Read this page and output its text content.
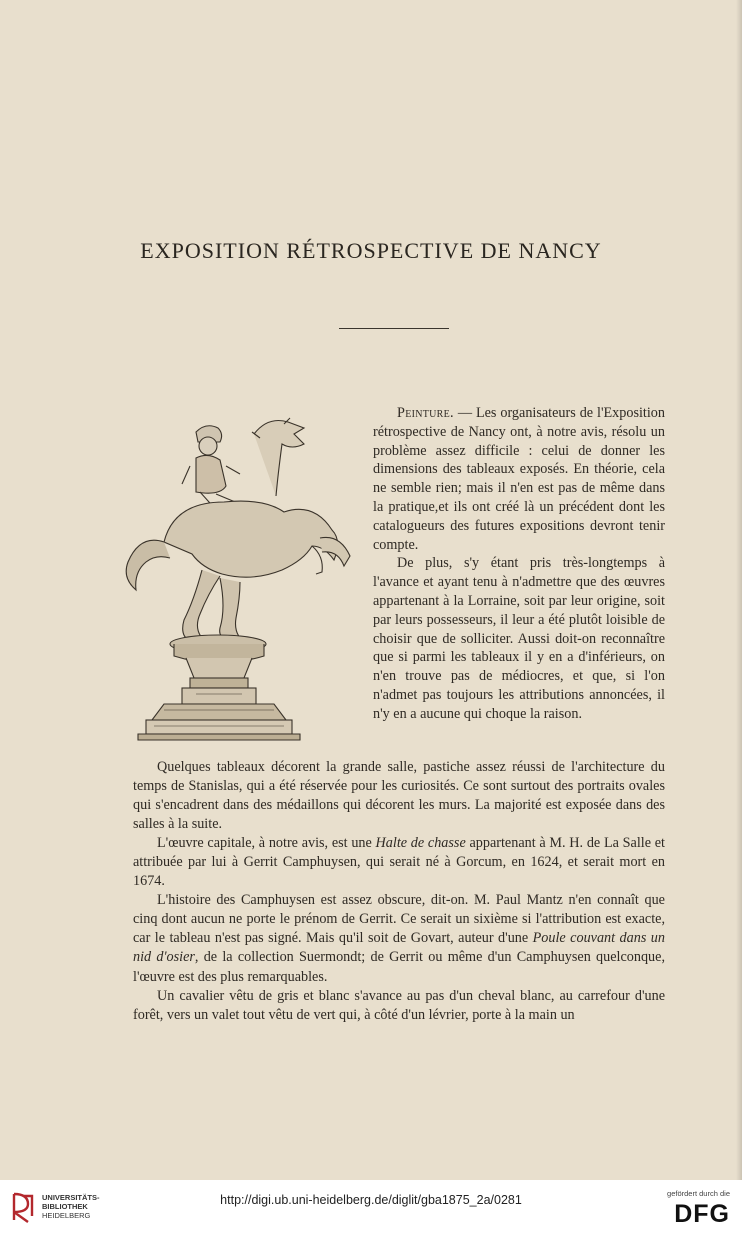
EXPOSITION RÉTROSPECTIVE DE NANCY

Peinture. — Les organisateurs de l'Exposition rétrospective de Nancy ont, à notre avis, résolu un problème assez difficile : celui de donner les dimensions des tableaux exposés. En théorie, cela ne semble rien; mais il n'en est pas de même dans la pratique,et ils ont créé là un précédent dont les catalogueurs des futures expositions devront tenir compte.

De plus, s'y étant pris très-longtemps à l'avance et ayant tenu à n'admettre que des œuvres appartenant à la Lorraine, soit par leur origine, soit par leurs possesseurs, il leur a été plutôt loisible de choisir que de solliciter. Aussi doit-on reconnaître que si parmi les tableaux il y en a d'inférieurs, on n'en trouve pas de médiocres, et que, si l'on n'admet pas toujours les attributions annoncées, il n'y en a aucune qui choque la raison.

Quelques tableaux décorent la grande salle, pastiche assez réussi de l'architecture du temps de Stanislas, qui a été réservée pour les curiosités. Ce sont surtout des portraits ovales qui s'encadrent dans des médaillons qui décorent les murs. La majorité est exposée dans des salles à la suite.

L'œuvre capitale, à notre avis, est une Halte de chasse appartenant à M. H. de La Salle et attribuée par lui à Gerrit Camphuysen, qui serait né à Gorcum, en 1624, et serait mort en 1674.

L'histoire des Camphuysen est assez obscure, dit-on. M. Paul Mantz n'en connaît que cinq dont aucun ne porte le prénom de Gerrit. Ce serait un sixième si l'attribution est exacte, car le tableau n'est pas signé. Mais qu'il soit de Govart, auteur d'une Poule couvant dans un nid d'osier, de la collection Suermondt; de Gerrit ou même d'un Camphuysen quelconque, l'œuvre est des plus remarquables.

Un cavalier vêtu de gris et blanc s'avance au pas d'un cheval blanc, au carrefour d'une forêt, vers un valet tout vêtu de vert qui, à côté d'un lévrier, porte à la main un

UNIVERSITÄTS-
BIBLIOTHEK
HEIDELBERG
http://digi.ub.uni-heidelberg.de/diglit/gba1875_2a/0281	gefördert durch die
DFG
